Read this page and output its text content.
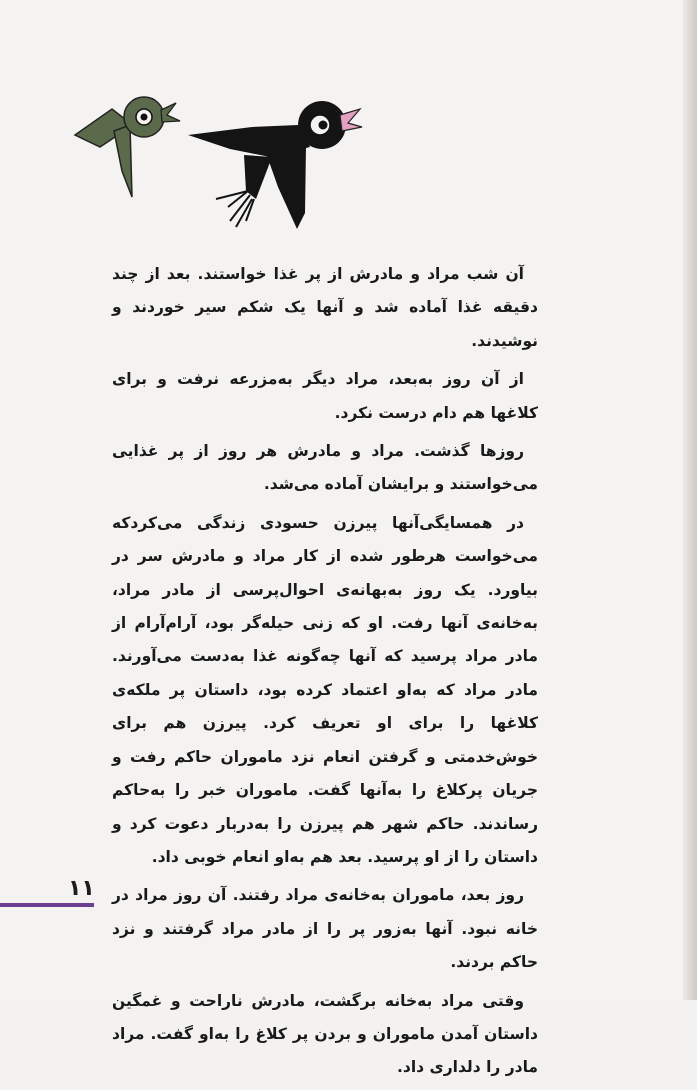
آن شب مراد و مادرش از پر غذا خواستند. بعد از چند دقیقه غذا آماده شد و آنها یک شکم سیر خوردند و نوشیدند.

از آن روز به‌بعد، مراد دیگر به‌مزرعه نرفت و برای کلاغها هم دام درست نکرد.

روزها گذشت. مراد و مادرش هر روز از پر غذایی می‌خواستند و برایشان آماده می‌شد.

در همسایگی‌آنها پیرزن حسودی زندگی می‌کردکه می‌خواست هرطور شده از کار مراد و مادرش سر در بیاورد. یک روز به‌بهانه‌ی احوال‌پرسی از مادر مراد، به‌خانه‌ی آنها رفت. او که زنی حیله‌گر بود، آرام‌آرام از مادر مراد پرسید که آنها چه‌گونه غذا به‌دست می‌آورند. مادر مراد که به‌او اعتماد کرده بود، داستان پر ملکه‌ی کلاغها را برای او تعریف کرد. پیرزن هم برای خوش‌خدمتی و گرفتن انعام نزد ماموران حاکم رفت و جریان پرکلاغ را به‌آنها گفت. ماموران خبر را به‌حاکم رساندند. حاکم شهر هم پیرزن را به‌دربار دعوت کرد و داستان را از او پرسید. بعد هم به‌او انعام خوبی داد.

روز بعد، ماموران به‌خانه‌ی مراد رفتند. آن روز مراد در خانه نبود. آنها به‌زور پر را از مادر مراد گرفتند و نزد حاکم بردند.

وقتی مراد به‌خانه برگشت، مادرش ناراحت و غمگین داستان آمدن ماموران و بردن پر کلاغ را به‌او گفت. مراد مادر را دلداری داد.

۱۱
